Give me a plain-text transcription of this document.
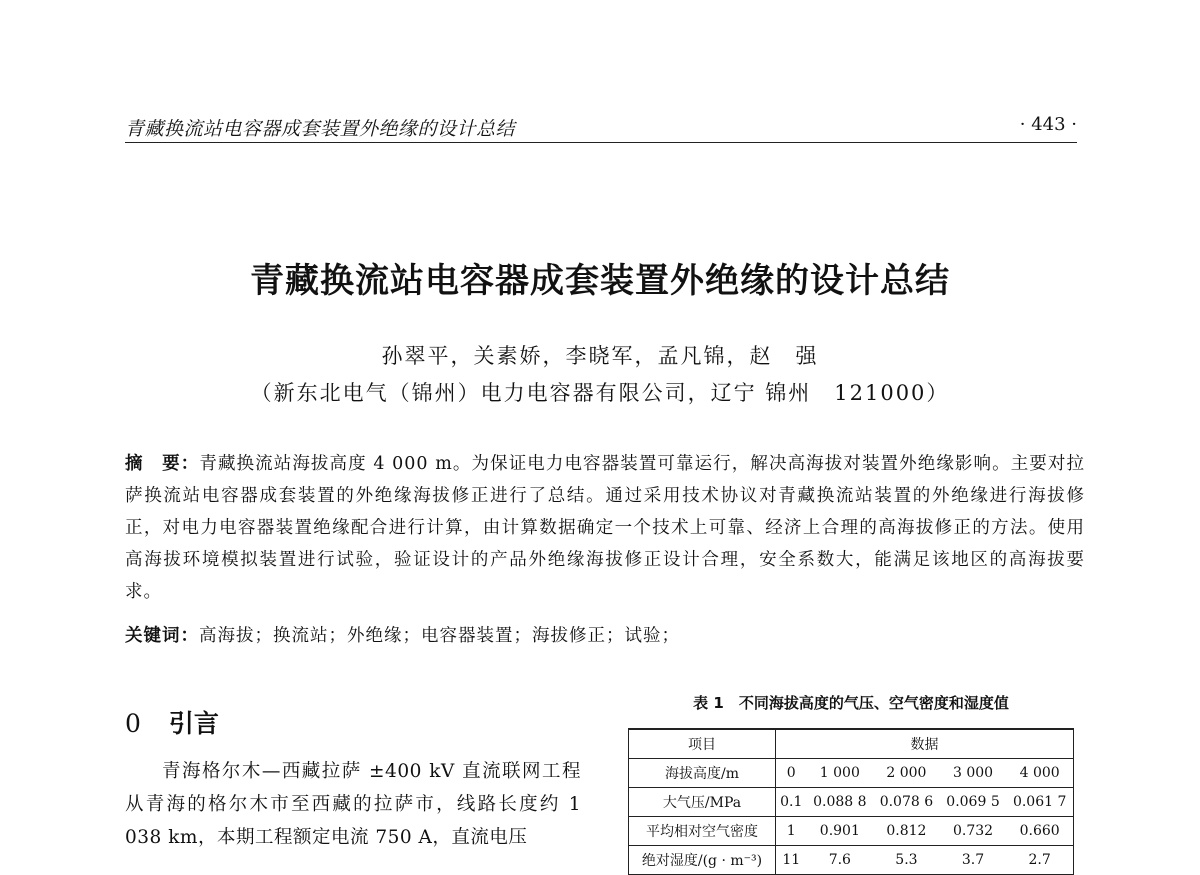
青藏换流站电容器成套装置外绝缘的设计总结	· 443 ·
青藏换流站电容器成套装置外绝缘的设计总结
孙翠平，关素娇，李晓军，孟凡锦，赵　强
（新东北电气（锦州）电力电容器有限公司，辽宁 锦州　121000）
摘　要：青藏换流站海拔高度 4 000 m。为保证电力电容器装置可靠运行，解决高海拔对装置外绝缘影响。主要对拉萨换流站电容器成套装置的外绝缘海拔修正进行了总结。通过采用技术协议对青藏换流站装置的外绝缘进行海拔修正，对电力电容器装置绝缘配合进行计算，由计算数据确定一个技术上可靠、经济上合理的高海拔修正的方法。使用高海拔环境模拟装置进行试验，验证设计的产品外绝缘海拔修正设计合理，安全系数大，能满足该地区的高海拔要求。
关键词：高海拔；换流站；外绝缘；电容器装置；海拔修正；试验；
0 引言

青海格尔木—西藏拉萨 ±400 kV 直流联网工程从青海的格尔木市至西藏的拉萨市，线路长度约 1 038 km，本期工程额定电流 750 A，直流电压

表 1　不同海拔高度的气压、空气密度和湿度值
项目	数据				
海拔高度/m	0	1 000	2 000	3 000	4 000
大气压/MPa	0.1	0.088 8	0.078 6	0.069 5	0.061 7
平均相对空气密度	1	0.901	0.812	0.732	0.660
绝对湿度/(g · m⁻³)	11	7.6	5.3	3.7	2.7
